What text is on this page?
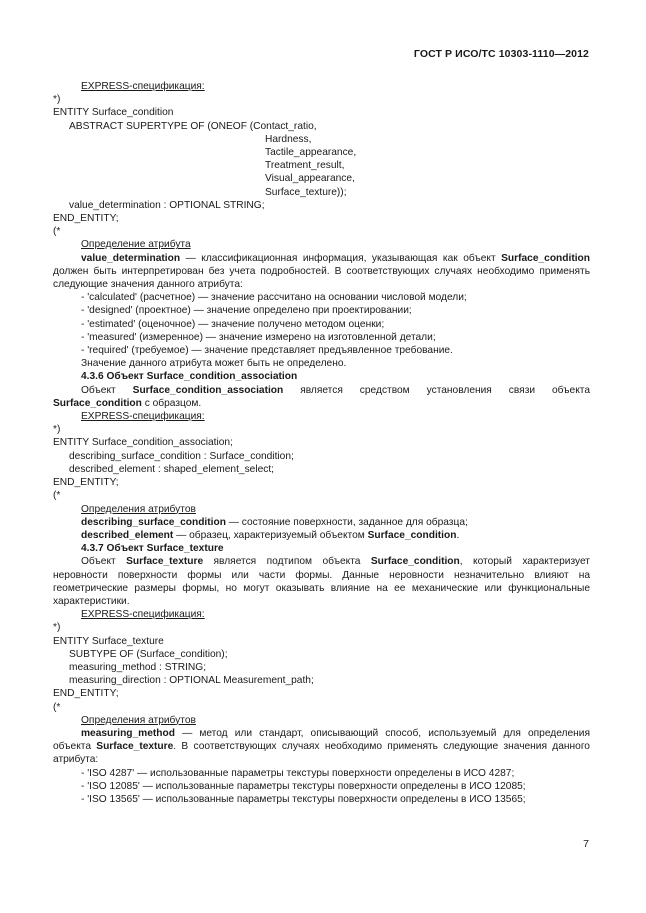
ГОСТ Р ИСО/ТС 10303-1110—2012
EXPRESS-спецификация:
*)
ENTITY Surface_condition
ABSTRACT SUPERTYPE OF (ONEOF (Contact_ratio,
Hardness,
Tactile_appearance,
Treatment_result,
Visual_appearance,
Surface_texture));
value_determination : OPTIONAL STRING;
END_ENTITY;
(*
Определение атрибута
value_determination — классификационная информация, указывающая как объект Surface_condition должен быть интерпретирован без учета подробностей. В соответствующих случаях необходимо применять следующие значения данного атрибута:
- 'calculated' (расчетное) — значение рассчитано на основании числовой модели;
- 'designed' (проектное) — значение определено при проектировании;
- 'estimated' (оценочное) — значение получено методом оценки;
- 'measured' (измеренное) — значение измерено на изготовленной детали;
- 'required' (требуемое) — значение представляет предъявленное требование.
Значение данного атрибута может быть не определено.
4.3.6 Объект Surface_condition_association
Объект Surface_condition_association является средством установления связи объекта Surface_condition с образцом.
EXPRESS-спецификация:
*)
ENTITY Surface_condition_association;
describing_surface_condition : Surface_condition;
described_element : shaped_element_select;
END_ENTITY;
(*
Определения атрибутов
describing_surface_condition — состояние поверхности, заданное для образца;
described_element — образец, характеризуемый объектом Surface_condition.
4.3.7 Объект Surface_texture
Объект Surface_texture является подтипом объекта Surface_condition, который характеризует неровности поверхности формы или части формы. Данные неровности незначительно влияют на геометрические размеры формы, но могут оказывать влияние на ее механические или функциональные характеристики.
EXPRESS-спецификация:
*)
ENTITY Surface_texture
SUBTYPE OF (Surface_condition);
measuring_method : STRING;
measuring_direction : OPTIONAL Measurement_path;
END_ENTITY;
(*
Определения атрибутов
measuring_method — метод или стандарт, описывающий способ, используемый для определения объекта Surface_texture. В соответствующих случаях необходимо применять следующие значения данного атрибута:
- 'ISO 4287' — использованные параметры текстуры поверхности определены в ИСО 4287;
- 'ISO 12085' — использованные параметры текстуры поверхности определены в ИСО 12085;
- 'ISO 13565' — использованные параметры текстуры поверхности определены в ИСО 13565;
7
